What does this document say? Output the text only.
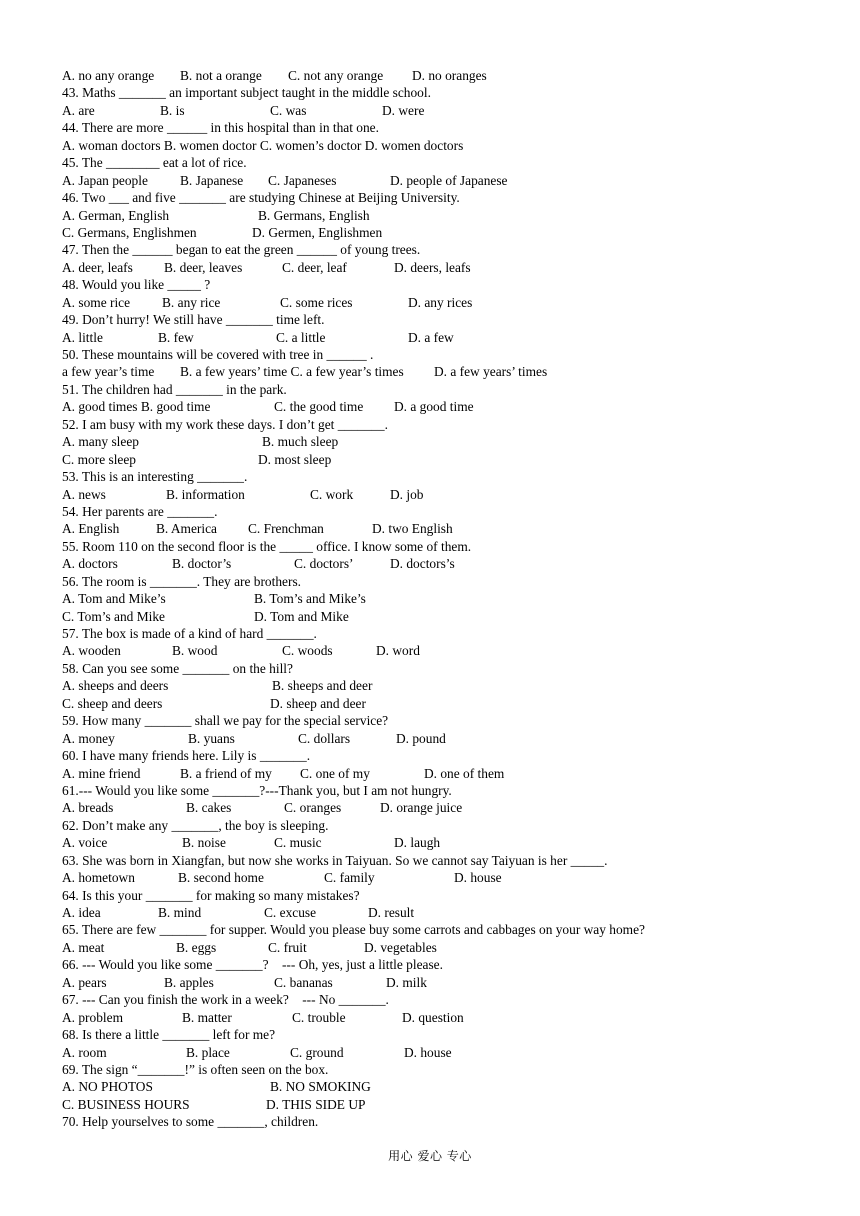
A. no any orange B. not a orange C. not any orange D. no oranges
43. Maths _______ an important subject taught in the middle school.
A. are	B. is	C. was	D. were
44. There are more ______ in this hospital than in that one.
A. woman doctors B. women doctor C. women’s doctor D. women doctors
45. The ________ eat a lot of rice.
A. Japan people B. Japanese C. Japaneses	D. people of Japanese
46. Two ___ and five _______ are studying Chinese at Beijing University.
A. German, English	B. Germans, English
C. Germans, Englishmen	D. Germen, Englishmen
47. Then the ______ began to eat the green ______ of young trees.
A. deer, leafs B. deer, leaves	C. deer, leaf	D. deers, leafs
48. Would you like _____ ?
A. some rice B. any rice	C. some rices	D. any rices
49. Don’t hurry! We still have _______ time left.
A. little	B. few	C. a little	D. a few
50. These mountains will be covered with tree in ______ .
a few year’s time B. a few years’ time C. a few year’s times D. a few years’ times
51. The children had _______ in the park.
A. good times B. good time	C. the good time D. a good time
52. I am busy with my work these days. I don’t get _______.
A. many sleep	B. much sleep
C. more sleep	D. most sleep
53. This is an interesting _______.
A. news	B. information	C. work	D. job
54. Her parents are _______.
A. English	B. America C. Frenchman	D. two English
55. Room 110 on the second floor is the _____ office. I know some of them.
A. doctors	B. doctor’s	C. doctors’	D. doctors’s
56. The room is _______. They are brothers.
A. Tom and Mike’s	B. Tom’s and Mike’s
C. Tom’s and Mike	D. Tom and Mike
57. The box is made of a kind of hard _______.
A. wooden	B. wood	C. woods	D. word
58. Can you see some _______ on the hill?
A. sheeps and deers	B. sheeps and deer
C. sheep and deers	D. sheep and deer
59. How many _______ shall we pay for the special service?
A. money	B. yuans	C. dollars	D. pound
60. I have many friends here. Lily is _______.
A. mine friend	B. a friend of my C. one of my	D. one of them
61.--- Would you like some _______?---Thank you, but I am not hungry.
A. breads	B. cakes	C. oranges	D. orange juice
62. Don’t make any _______, the boy is sleeping.
A. voice	B. noise	C. music	D. laugh
63. She was born in Xiangfan, but now she works in Taiyuan. So we cannot say Taiyuan is her _____.
A. hometown	B. second home	C. family	D. house
64. Is this your _______ for making so many mistakes?
A. idea	B. mind	C. excuse	D. result
65. There are few _______ for supper. Would you please buy some carrots and cabbages on your way home?
A. meat	B. eggs	C. fruit	D. vegetables
66. --- Would you like some _______?    --- Oh, yes, just a little please.
A. pears	B. apples	C. bananas	D. milk
67. --- Can you finish the work in a week?    --- No _______.
A. problem	B. matter	C. trouble	D. question
68. Is there a little _______ left for me?
A. room	B. place	C. ground	D. house
69. The sign “_______!” is often seen on the box.
A. NO PHOTOS	B. NO SMOKING
C. BUSINESS HOURS	D. THIS SIDE UP
70. Help yourselves to some _______, children.
用心 爱心 专心
